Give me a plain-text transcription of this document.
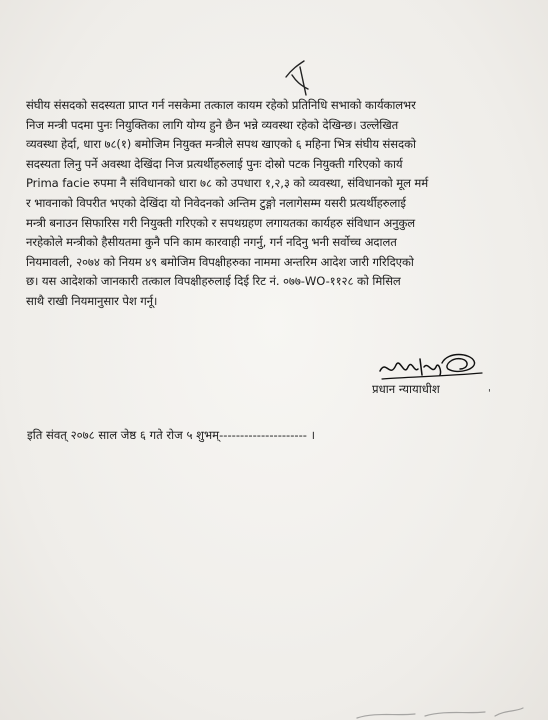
संघीय संसदको सदस्यता प्राप्त गर्न नसकेमा तत्काल कायम रहेको प्रतिनिधि सभाको कार्यकालभर
निज मन्त्री पदमा पुनः नियुक्तिका लागि योग्य हुने छैन भन्ने व्यवस्था रहेको देखिन्छ। उल्लेखित
व्यवस्था हेर्दा, धारा ७८(१) बमोजिम नियुक्त मन्त्रीले सपथ खाएको ६ महिना भित्र संघीय संसदको
सदस्यता लिनु पर्ने अवस्था देखिंदा निज प्रत्यर्थीहरुलाई पुनः दोस्रो पटक नियुक्ती गरिएको कार्य
Prima facie रुपमा नै संविधानको धारा ७८ को उपधारा १,२,३ को व्यवस्था, संविधानको मूल मर्म
र भावनाको विपरीत भएको देखिंदा यो निवेदनको अन्तिम टुङ्गो नलागेसम्म यसरी प्रत्यर्थीहरुलाई
मन्त्री बनाउन सिफारिस गरी नियुक्ती गरिएको र सपथग्रहण लगायतका कार्यहरु संविधान अनुकुल
नरहेकोले मन्त्रीको हैसीयतमा कुनै पनि काम कारवाही नगर्नु, गर्न नदिनु भनी सर्वोच्च अदालत
नियमावली, २०७४ को नियम ४९ बमोजिम विपक्षीहरुका नाममा अन्तरिम आदेश जारी गरिदिएको
छ। यस आदेशको जानकारी तत्काल विपक्षीहरुलाई दिई रिट नं. ०७७-WO-११२८ को मिसिल
साथै राखी नियमानुसार पेश गर्नू।
प्रधान न्यायाधीश	'
इति संवत् २०७८ साल जेष्ठ ६ गते रोज ५ शुभम्--------------------- ।
